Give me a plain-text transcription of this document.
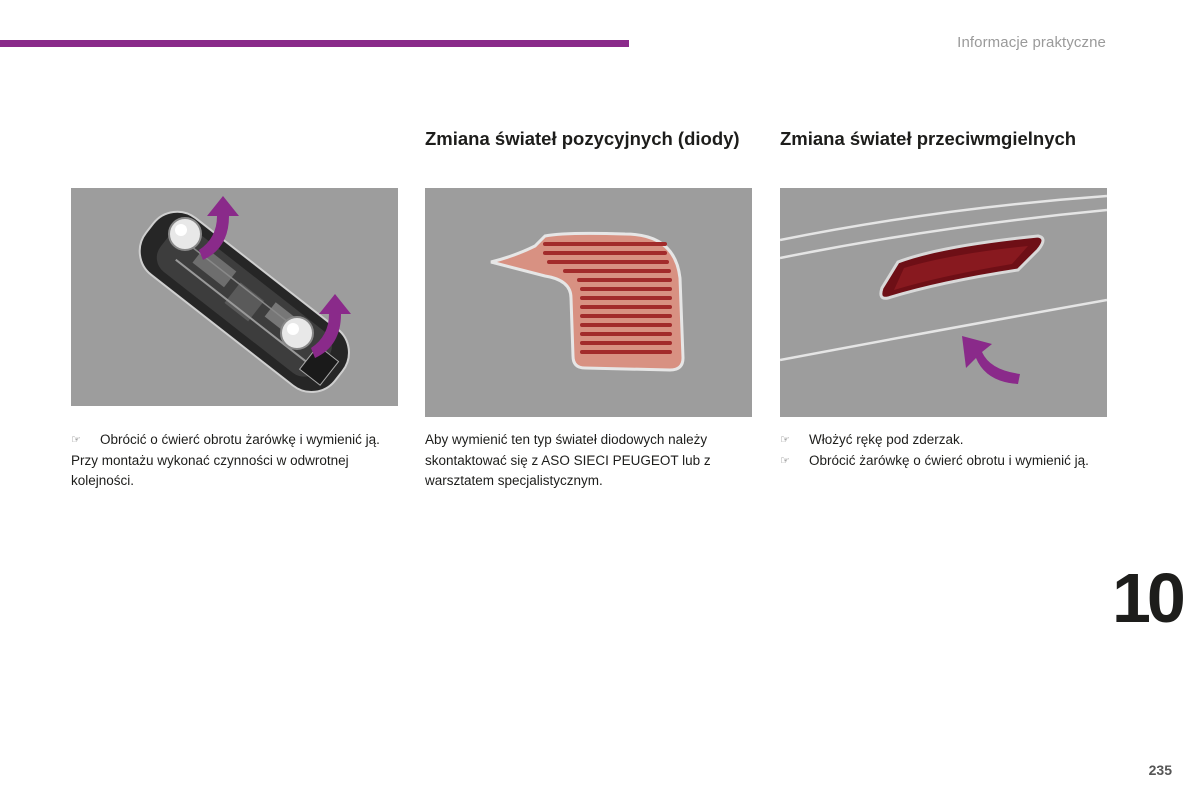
Informacje praktyczne
☞ Obrócić o ćwierć obrotu żarówkę i wymienić ją.

Przy montażu wykonać czynności w odwrotnej kolejności.

Zmiana świateł pozycyjnych (diody)

Aby wymienić ten typ świateł diodowych należy skontaktować się z ASO SIECI PEUGEOT lub z warsztatem specjalistycznym.

Zmiana świateł przeciwmgielnych
☞ Włożyć rękę pod zderzak.
☞ Obrócić żarówkę o ćwierć obrotu i wymienić ją.
10
235
